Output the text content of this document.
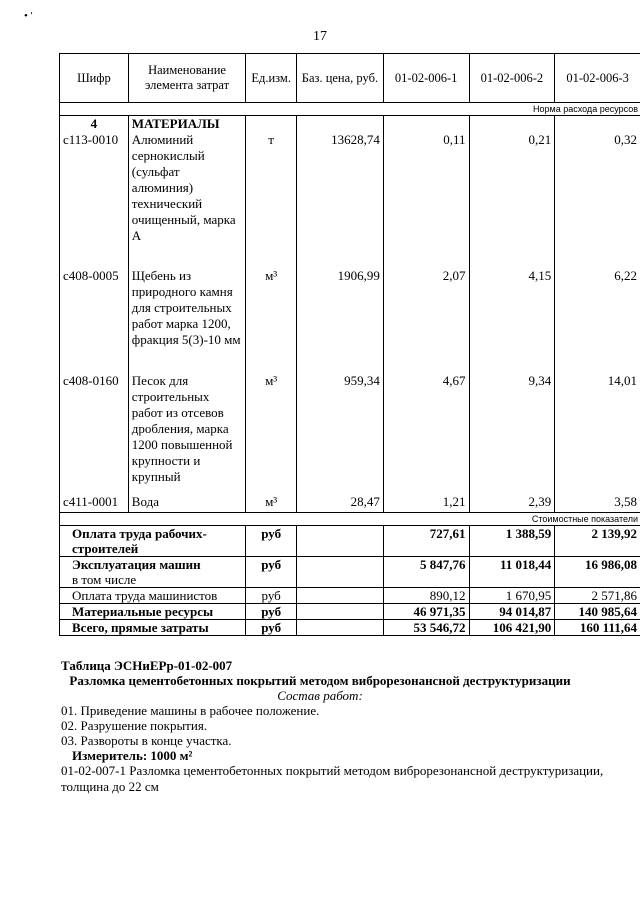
• '
17
Шифр	Наименование элемента затрат	Ед.изм.	Баз. цена, руб.	01-02-006-1	01-02-006-2	01-02-006-3
Норма расхода ресурсов						
4	МАТЕРИАЛЫ					
с113-0010	Алюминий сернокислый (сульфат алюминия) технический очищенный, марка А	т	13628,74	0,11	0,21	0,32
с408-0005	Щебень из природного камня для строительных работ марка 1200, фракция 5(3)-10 мм	м³	1906,99	2,07	4,15	6,22
с408-0160	Песок для строительных работ из отсевов дробления, марка 1200 повышенной крупности и крупный	м³	959,34	4,67	9,34	14,01
с411-0001	Вода	м³	28,47	1,21	2,39	3,58
Стоимостные показатели						
Оплата труда рабочих-строителей		руб		727,61	1 388,59	2 139,92
Эксплуатация машин
в том числе		руб		5 847,76	11 018,44	16 986,08
Оплата труда машинистов		руб		890,12	1 670,95	2 571,86
Материальные ресурсы		руб		46 971,35	94 014,87	140 985,64
Всего, прямые затраты		руб		53 546,72	106 421,90	160 111,64
Таблица ЭСНиЕРр-01-02-007
Разломка цементобетонных покрытий методом виброрезонансной деструктуризации
Состав работ:
01. Приведение машины в рабочее положение.
02. Разрушение покрытия.
03. Развороты в конце участка.
Измеритель: 1000 м²
01-02-007-1 Разломка цементобетонных покрытий методом виброрезонансной деструктуризации, толщина до 22 см
